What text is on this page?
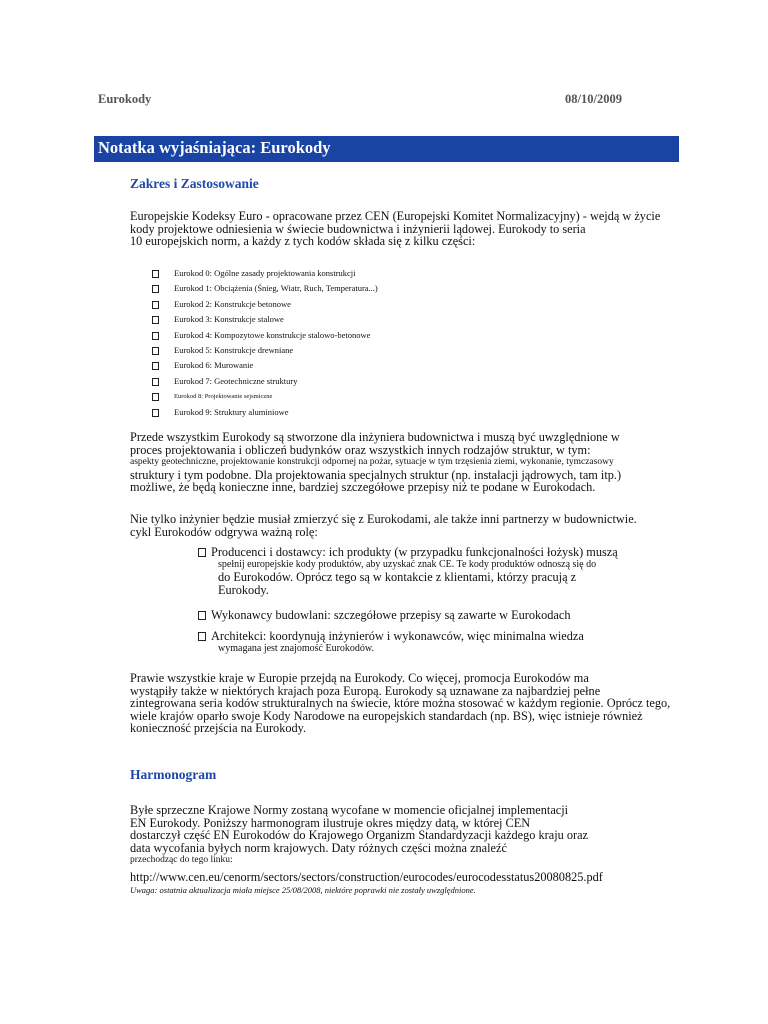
Eurokody	08/10/2009
Notatka wyjaśniająca: Eurokody
Zakres i Zastosowanie
Europejskie Kodeksy Euro - opracowane przez CEN (Europejski Komitet Normalizacyjny) - wejdą w życie
kody projektowe odniesienia w świecie budownictwa i inżynierii lądowej. Eurokody to seria
10 europejskich norm, a każdy z tych kodów składa się z kilku części:
Eurokod 0: Ogólne zasady projektowania konstrukcji
Eurokod 1: Obciążenia (Śnieg, Wiatr, Ruch, Temperatura...)
Eurokod 2: Konstrukcje betonowe
Eurokod 3: Konstrukcje stalowe
Eurokod 4: Kompozytowe konstrukcje stalowo-betonowe
Eurokod 5: Konstrukcje drewniane
Eurokod 6: Murowanie
Eurokod 7: Geotechniczne struktury
Eurokod 8: Projektowanie sejsmiczne
Eurokod 9: Struktury aluminiowe
Przede wszystkim Eurokody są stworzone dla inżyniera budownictwa i muszą być uwzględnione w
proces projektowania i obliczeń budynków oraz wszystkich innych rodzajów struktur, w tym:
aspekty geotechniczne, projektowanie konstrukcji odpornej na pożar, sytuacje w tym trzęsienia ziemi, wykonanie, tymczasowy
struktury i tym podobne. Dla projektowania specjalnych struktur (np. instalacji jądrowych, tam itp.)
możliwe, że będą konieczne inne, bardziej szczegółowe przepisy niż te podane w Eurokodach.
Nie tylko inżynier będzie musiał zmierzyć się z Eurokodami, ale także inni partnerzy w budownictwie.
cykl Eurokodów odgrywa ważną rolę:
Producenci i dostawcy: ich produkty (w przypadku funkcjonalności łożysk) muszą
spełnij europejskie kody produktów, aby uzyskać znak CE. Te kody produktów odnoszą się do
do Eurokodów. Oprócz tego są w kontakcie z klientami, którzy pracują z
Eurokody.
Wykonawcy budowlani: szczegółowe przepisy są zawarte w Eurokodach
Architekci: koordynują inżynierów i wykonawców, więc minimalna wiedza
wymagana jest znajomość Eurokodów.
Prawie wszystkie kraje w Europie przejdą na Eurokody. Co więcej, promocja Eurokodów ma
wystąpiły także w niektórych krajach poza Europą. Eurokody są uznawane za najbardziej pełne
zintegrowana seria kodów strukturalnych na świecie, które można stosować w każdym regionie. Oprócz tego,
wiele krajów oparło swoje Kody Narodowe na europejskich standardach (np. BS), więc istnieje również
konieczność przejścia na Eurokody.
Harmonogram
Byłe sprzeczne Krajowe Normy zostaną wycofane w momencie oficjalnej implementacji
EN Eurokody. Poniższy harmonogram ilustruje okres między datą, w której CEN
dostarczył część EN Eurokodów do Krajowego Organizm Standardyzacji każdego kraju oraz
data wycofania byłych norm krajowych. Daty różnych części można znaleźć
przechodząc do tego linku:
http://www.cen.eu/cenorm/sectors/sectors/construction/eurocodes/eurocodesstatus20080825.pdf
Uwaga: ostatnia aktualizacja miała miejsce 25/08/2008, niektóre poprawki nie zostały uwzględnione.
